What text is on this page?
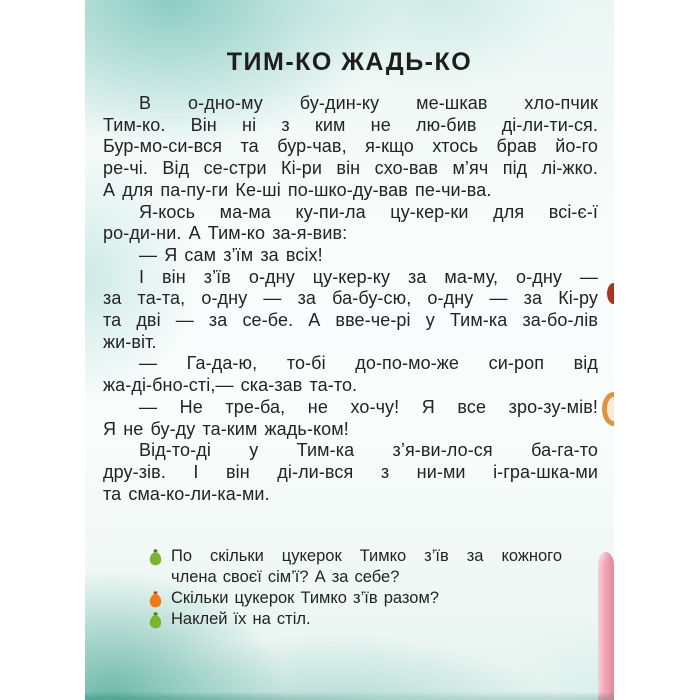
ТИМ-КО ЖАДЬ-КО
В о-дно-му бу-дин-ку ме-шкав хло-пчик
Тим-ко. Він ні з ким не лю-бив ді-ли-ти-ся.
Бур-мо-си-вся та бур-чав, я-кщо хтось брав йо-го
ре-чі. Від се-стри Кі-ри він схо-вав м’яч під лі-жко.
А для па-пу-ги Ке-ші по-шко-ду-вав пе-чи-ва.
Я-кось ма-ма ку-пи-ла цу-кер-ки для всі-є-ї
ро-ди-ни. А Тим-ко за-я-вив:
— Я сам з’їм за всіх!
І він з’їв о-дну цу-кер-ку за ма-му, о-дну —
за та-та, о-дну — за ба-бу-сю, о-дну — за Кі-ру
та дві — за се-бе. А вве-че-рі у Тим-ка за-бо-лів
жи-віт.
— Га-да-ю, то-бі до-по-мо-же си-роп від
жа-ді-бно-сті,— ска-зав та-то.
— Не тре-ба, не хо-чу! Я все зро-зу-мів!
Я не бу-ду та-ким жадь-ком!
Від-то-ді у Тим-ка з’я-ви-ло-ся ба-га-то
дру-зів. І він ді-ли-вся з ни-ми і-гра-шка-ми
та сма-ко-ли-ка-ми.
По скільки цукерок Тимко з’їв за кожного
члена своєї сім’ї? А за себе?
Скільки цукерок Тимко з’їв разом?
Наклей їх на стіл.
